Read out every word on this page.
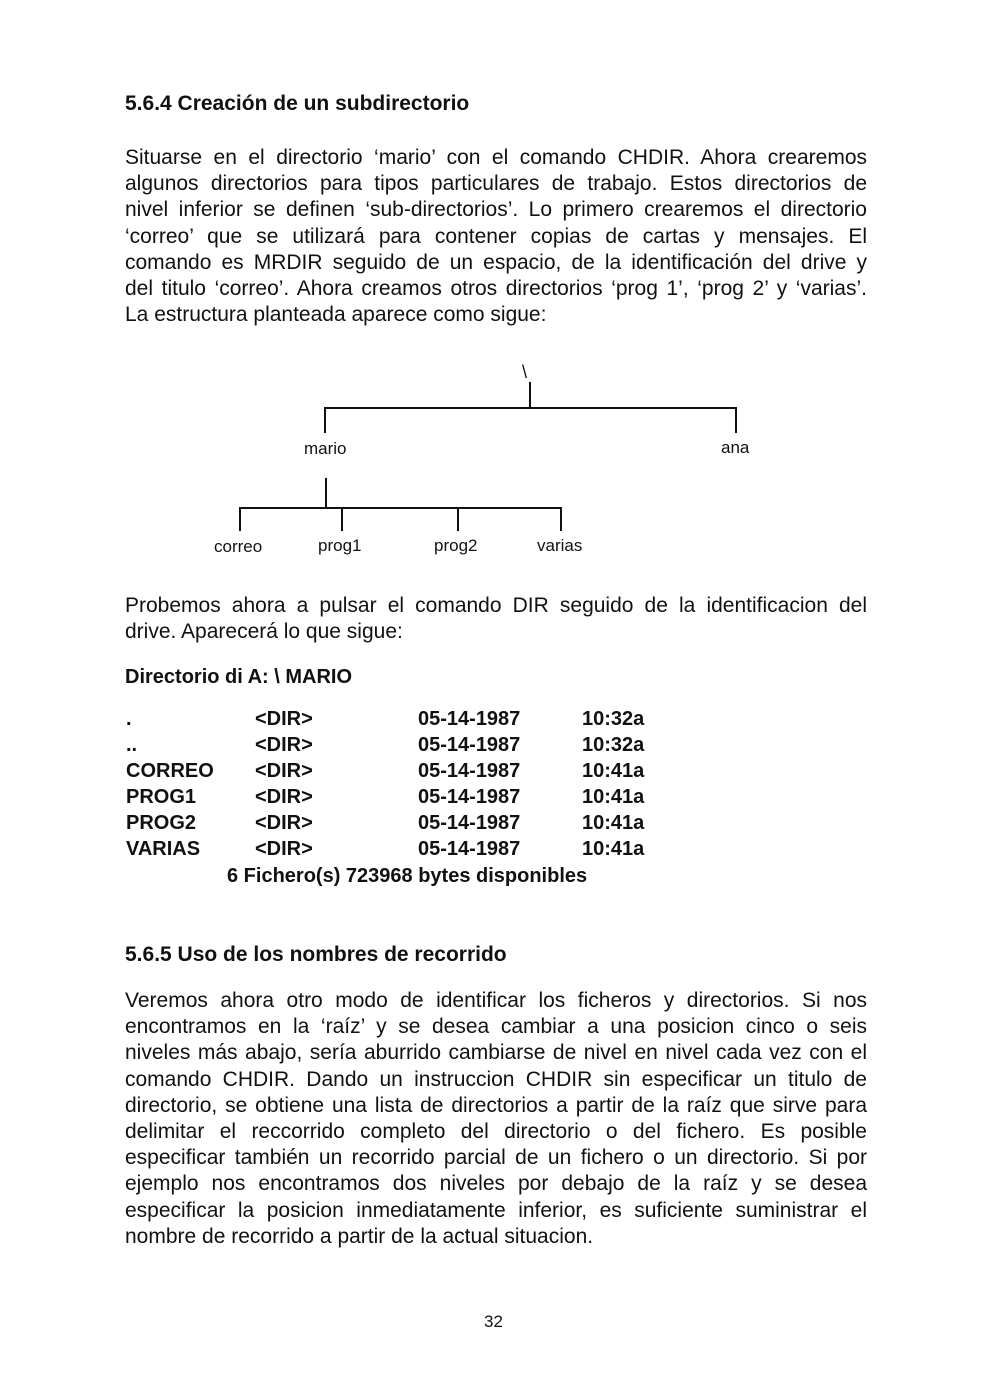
5.6.4 Creación de un subdirectorio
Situarse en el directorio ‘mario’ con el comando CHDIR. Ahora crearemos
algunos directorios para tipos particulares de trabajo. Estos directorios de
nivel inferior se definen ‘sub-directorios’. Lo primero crearemos el directorio
‘correo’ que se utilizará para contener copias de cartas y mensajes. El
comando es MRDIR seguido de un espacio, de la identificación del drive y
del titulo ‘correo’. Ahora creamos otros directorios ‘prog 1’, ‘prog 2’ y ‘varias’.
La estructura planteada aparece como sigue:
\
mario	ana
correo	prog1	prog2	varias
Probemos ahora a pulsar el comando DIR seguido de la identificacion del
drive. Aparecerá lo que sigue:
Directorio di A: \ MARIO
.	<DIR>	05-14-1987	10:32a
..	<DIR>	05-14-1987	10:32a
CORREO <DIR>	05-14-1987	10:41a
PROG1	<DIR>	05-14-1987	10:41a
PROG2	<DIR>	05-14-1987	10:41a
VARIAS	<DIR>	05-14-1987	10:41a
6 Fichero(s) 723968 bytes disponibles
5.6.5 Uso de los nombres de recorrido
Veremos ahora otro modo de identificar los ficheros y directorios. Si nos
encontramos en la ‘raíz’ y se desea cambiar a una posicion cinco o seis
niveles más abajo, sería aburrido cambiarse de nivel en nivel cada vez con el
comando CHDIR. Dando un instruccion CHDIR sin especificar un titulo de
directorio, se obtiene una lista de directorios a partir de la raíz que sirve para
delimitar el reccorrido completo del directorio o del fichero. Es posible
especificar también un recorrido parcial de un fichero o un directorio. Si por
ejemplo nos encontramos dos niveles por debajo de la raíz y se desea
especificar la posicion inmediatamente inferior, es suficiente suministrar el
nombre de recorrido a partir de la actual situacion.
32
